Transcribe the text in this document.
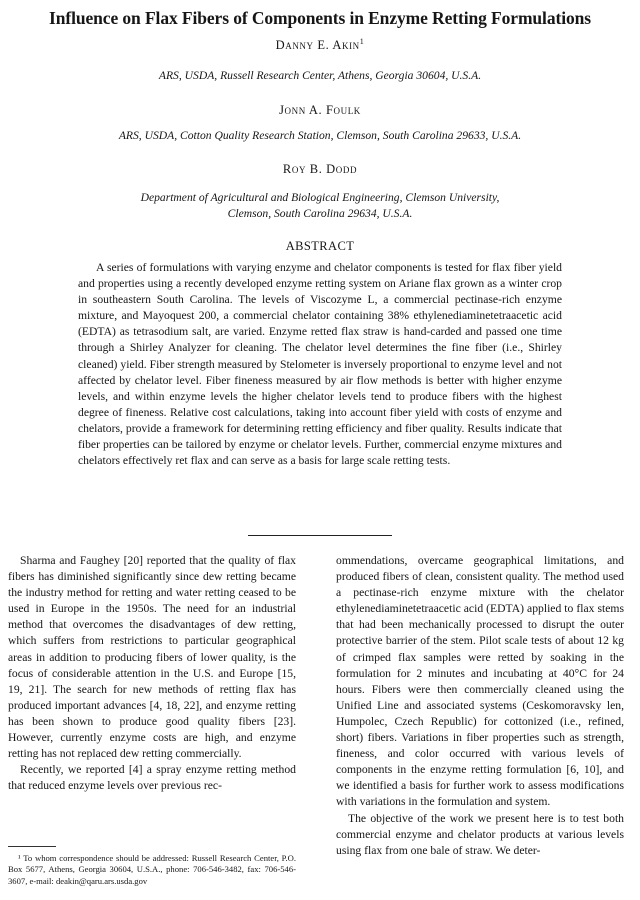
Influence on Flax Fibers of Components in Enzyme Retting Formulations
Danny E. Akin$^1$
ARS, USDA, Russell Research Center, Athens, Georgia 30604, U.S.A.
Jonn A. Foulk
ARS, USDA, Cotton Quality Research Station, Clemson, South Carolina 29633, U.S.A.
Roy B. Dodd
Department of Agricultural and Biological Engineering, Clemson University,
Clemson, South Carolina 29634, U.S.A.
ABSTRACT

A series of formulations with varying enzyme and chelator components is tested for flax fiber yield and properties using a recently developed enzyme retting system on Ariane flax grown as a winter crop in southeastern South Carolina. The levels of Viscozyme L, a commercial pectinase-rich enzyme mixture, and Mayoquest 200, a commercial chelator containing 38% ethylenediaminetetraacetic acid (EDTA) as tetrasodium salt, are varied. Enzyme retted flax straw is hand-carded and passed one time through a Shirley Analyzer for cleaning. The chelator level determines the fine fiber (i.e., Shirley cleaned) yield. Fiber strength measured by Stelometer is inversely proportional to enzyme level and not affected by chelator level. Fiber fineness measured by air flow methods is better with higher enzyme levels, and within enzyme levels the higher chelator levels tend to produce fibers with the highest degree of fineness. Relative cost calculations, taking into account fiber yield with costs of enzyme and chelators, provide a framework for determining retting efficiency and fiber quality. Results indicate that fiber properties can be tailored by enzyme or chelator levels. Further, commercial enzyme mixtures and chelators effectively ret flax and can serve as a basis for large scale retting tests.

Sharma and Faughey [20] reported that the quality of flax fibers has diminished significantly since dew retting became the industry method for retting and water retting ceased to be used in Europe in the 1950s. The need for an industrial method that overcomes the disadvantages of dew retting, which suffers from restrictions to particular geographical areas in addition to producing fibers of lower quality, is the focus of considerable attention in the U.S. and Europe [15, 19, 21]. The search for new methods of retting flax has produced important advances [4, 18, 22], and enzyme retting has been shown to produce good quality fibers [23]. However, currently enzyme costs are high, and enzyme retting has not replaced dew retting commercially.

Recently, we reported [4] a spray enzyme retting method that reduced enzyme levels over previous rec-

ommendations, overcame geographical limitations, and produced fibers of clean, consistent quality. The method used a pectinase-rich enzyme mixture with the chelator ethylenediaminetetraacetic acid (EDTA) applied to flax stems that had been mechanically processed to disrupt the outer protective barrier of the stem. Pilot scale tests of about 12 kg of crimped flax samples were retted by soaking in the formulation for 2 minutes and incubating at 40°C for 24 hours. Fibers were then commercially cleaned using the Unified Line and associated systems (Ceskomoravsky len, Humpolec, Czech Republic) for cottonized (i.e., refined, short) fibers. Variations in fiber properties such as strength, fineness, and color occurred with various levels of components in the enzyme retting formulation [6, 10], and we identified a basis for further work to assess modifications with variations in the formulation and system.

The objective of the work we present here is to test both commercial enzyme and chelator products at various levels using flax from one bale of straw. We deter-

¹ To whom correspondence should be addressed: Russell Research Center, P.O. Box 5677, Athens, Georgia 30604, U.S.A., phone: 706-546-3482, fax: 706-546-3607, e-mail: deakin@qaru.ars.usda.gov
